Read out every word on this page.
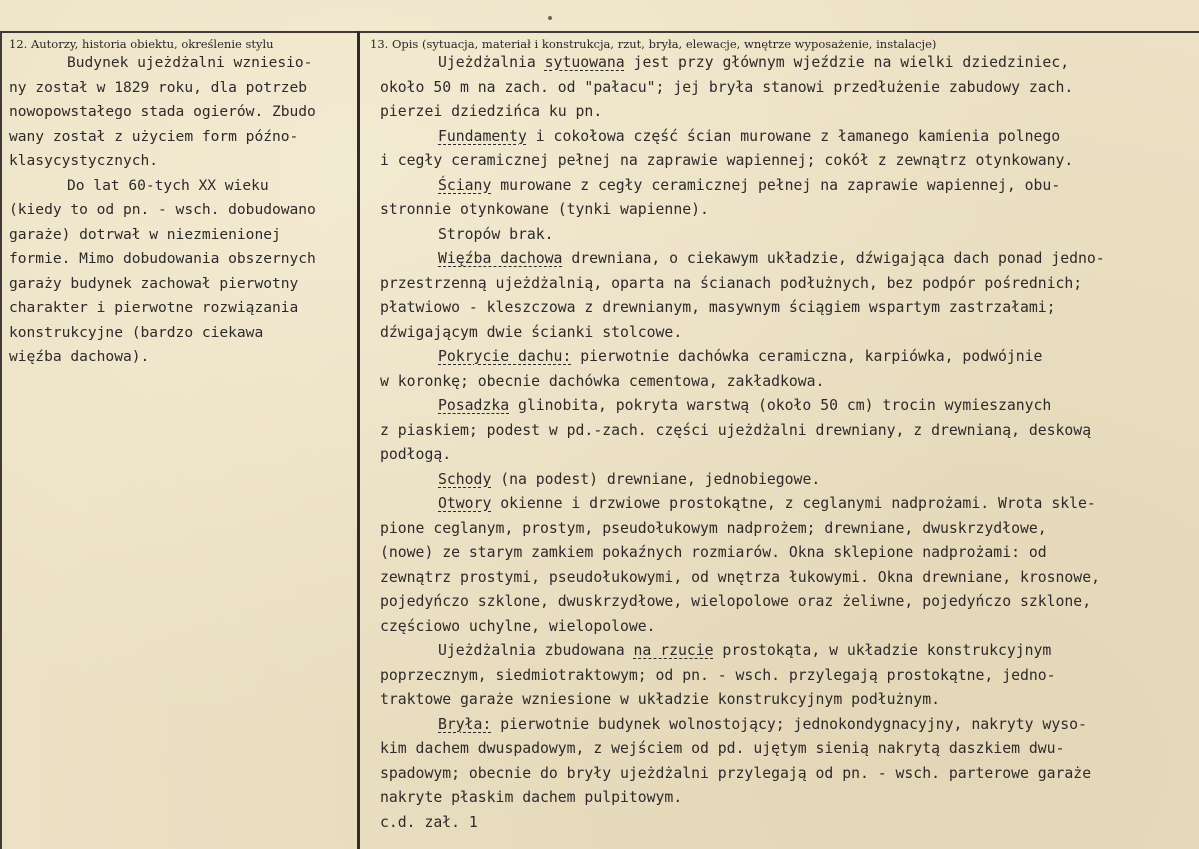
12. Autorzy, historia obiektu, określenie stylu	13. Opis (sytuacja, materiał i konstrukcja, rzut, bryła, elewacje, wnętrze wyposażenie, instalacje)
Budynek ujeżdżalni wzniesio-
ny został w 1829 roku, dla potrzeb
nowopowstałego stada ogierów. Zbudo
wany został z użyciem form późno-
klasycystycznych.
Do lat 60-tych XX wieku
(kiedy to od pn. - wsch. dobudowano
garaże) dotrwał w niezmienionej
formie. Mimo dobudowania obszernych
garaży budynek zachował pierwotny
charakter i pierwotne rozwiązania
konstrukcyjne (bardzo ciekawa
więźba dachowa).
Ujeżdżalnia sytuowana jest przy głównym wjeździe na wielki dziedziniec,
około 50 m na zach. od "pałacu"; jej bryła stanowi przedłużenie zabudowy zach.
pierzei dziedzińca ku pn.
Fundamenty i cokołowa część ścian murowane z łamanego kamienia polnego
i cegły ceramicznej pełnej na zaprawie wapiennej; cokół z zewnątrz otynkowany.
Ściany murowane z cegły ceramicznej pełnej na zaprawie wapiennej, obu-
stronnie otynkowane (tynki wapienne).
Stropów brak.
Więźba dachowa drewniana, o ciekawym układzie, dźwigająca dach ponad jedno-
przestrzenną ujeżdżalnią, oparta na ścianach podłużnych, bez podpór pośrednich;
płatwiowo - kleszczowa z drewnianym, masywnym ściągiem wspartym zastrzałami;
dźwigającym dwie ścianki stolcowe.
Pokrycie dachu: pierwotnie dachówka ceramiczna, karpiówka, podwójnie
w koronkę; obecnie dachówka cementowa, zakładkowa.
Posadzka glinobita, pokryta warstwą (około 50 cm) trocin wymieszanych
z piaskiem; podest w pd.-zach. części ujeżdżalni drewniany, z drewnianą, deskową
podłogą.
Schody (na podest) drewniane, jednobiegowe.
Otwory okienne i drzwiowe prostokątne, z ceglanymi nadprożami. Wrota skle-
pione ceglanym, prostym, pseudołukowym nadprożem; drewniane, dwuskrzydłowe,
(nowe) ze starym zamkiem pokaźnych rozmiarów. Okna sklepione nadprożami: od
zewnątrz prostymi, pseudołukowymi, od wnętrza łukowymi. Okna drewniane, krosnowe,
pojedyńczo szklone, dwuskrzydłowe, wielopolowe oraz żeliwne, pojedyńczo szklone,
częściowo uchylne, wielopolowe.
Ujeżdżalnia zbudowana na rzucie prostokąta, w układzie konstrukcyjnym
poprzecznym, siedmiotraktowym; od pn. - wsch. przylegają prostokątne, jedno-
traktowe garaże wzniesione w układzie konstrukcyjnym podłużnym.
Bryła: pierwotnie budynek wolnostojący; jednokondygnacyjny, nakryty wyso-
kim dachem dwuspadowym, z wejściem od pd. ujętym sienią nakrytą daszkiem dwu-
spadowym; obecnie do bryły ujeżdżalni przylegają od pn. - wsch. parterowe garaże
nakryte płaskim dachem pulpitowym.
c.d. zał. 1
